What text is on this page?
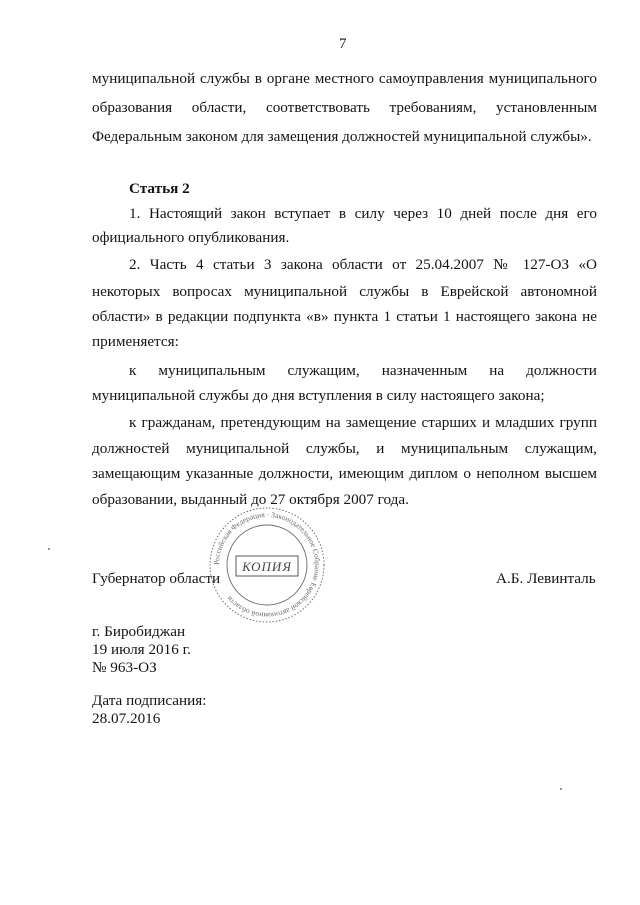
7
муниципальной службы в органе местного самоуправления муниципального
образования области, соответствовать требованиям, установленным
Федеральным законом для замещения должностей муниципальной службы».
Статья 2
1. Настоящий закон вступает в силу через 10 дней после дня его
официального опубликования.
2. Часть 4 статьи 3 закона области от 25.04.2007 № 127-ОЗ «О
некоторых вопросах муниципальной службы в Еврейской автономной
области» в редакции подпункта «в» пункта 1 статьи 1 настоящего закона не
применяется:
к муниципальным служащим, назначенным на должности
муниципальной службы до дня вступления в силу настоящего закона;
к гражданам, претендующим на замещение старших и младших групп
должностей муниципальной службы, и муниципальным служащим,
замещающим указанные должности, имеющим диплом о неполном высшем
образовании, выданный до 27 октября 2007 года.
Губернатор области	А.Б. Левинталь
Российская Федерация · Законодательное Собрание Еврейской автономной области
КОПИЯ
г. Биробиджан
19 июля 2016 г.
№ 963-ОЗ
Дата подписания:
28.07.2016
